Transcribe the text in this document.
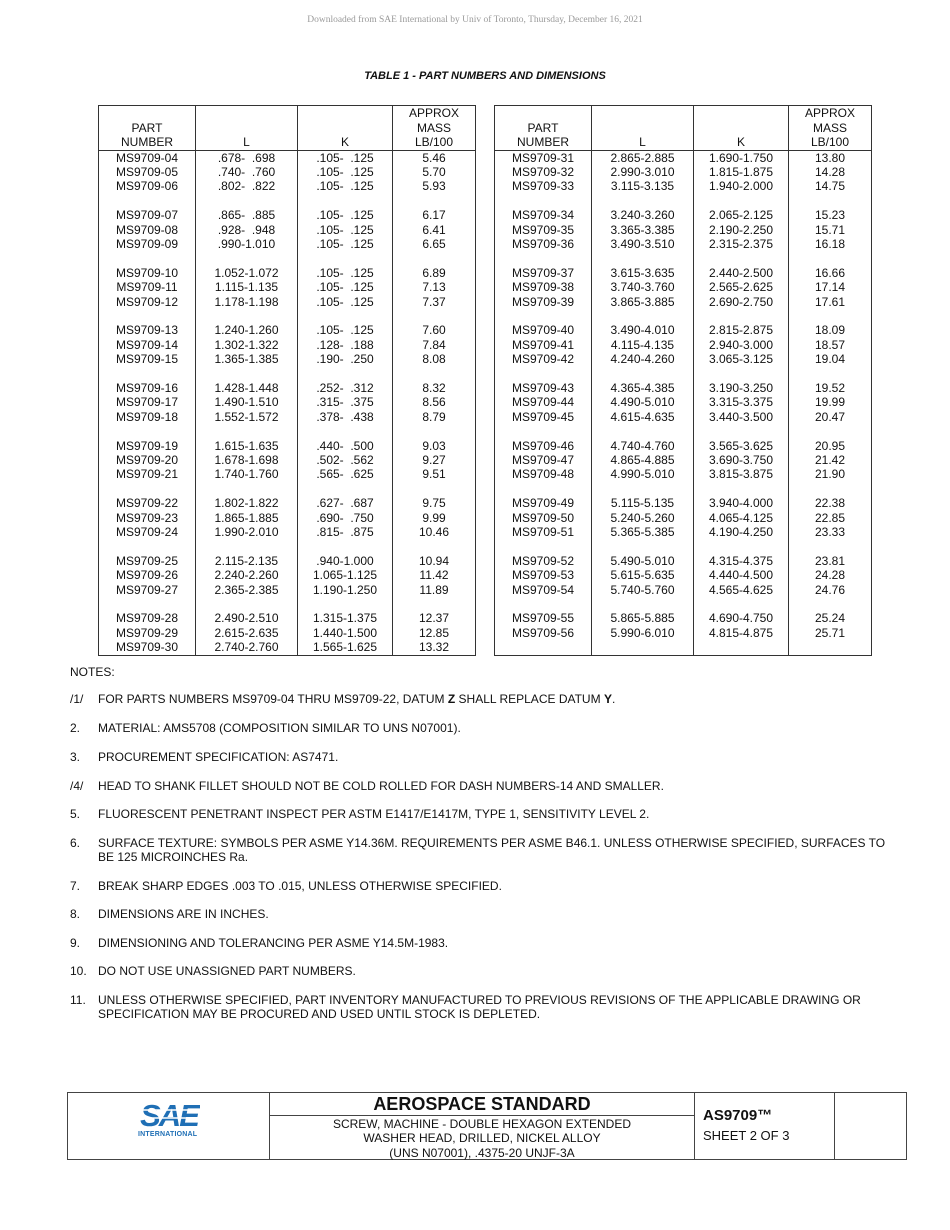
Downloaded from SAE International by Univ of Toronto, Thursday, December 16, 2021
TABLE 1 - PART NUMBERS AND DIMENSIONS
PART
NUMBER	L	K	APPROX
MASS
LB/100
MS9709-04	.678-  .698	.105-  .125	5.46
MS9709-05	.740-  .760	.105-  .125	5.70
MS9709-06	.802-  .822	.105-  .125	5.93

MS9709-07	.865-  .885	.105-  .125	6.17
MS9709-08	.928-  .948	.105-  .125	6.41
MS9709-09	.990-1.010	.105-  .125	6.65

MS9709-10	1.052-1.072	.105-  .125	6.89
MS9709-11	1.115-1.135	.105-  .125	7.13
MS9709-12	1.178-1.198	.105-  .125	7.37

MS9709-13	1.240-1.260	.105-  .125	7.60
MS9709-14	1.302-1.322	.128-  .188	7.84
MS9709-15	1.365-1.385	.190-  .250	8.08

MS9709-16	1.428-1.448	.252-  .312	8.32
MS9709-17	1.490-1.510	.315-  .375	8.56
MS9709-18	1.552-1.572	.378-  .438	8.79

MS9709-19	1.615-1.635	.440-  .500	9.03
MS9709-20	1.678-1.698	.502-  .562	9.27
MS9709-21	1.740-1.760	.565-  .625	9.51

MS9709-22	1.802-1.822	.627-  .687	9.75
MS9709-23	1.865-1.885	.690-  .750	9.99
MS9709-24	1.990-2.010	.815-  .875	10.46

MS9709-25	2.115-2.135	.940-1.000	10.94
MS9709-26	2.240-2.260	1.065-1.125	11.42
MS9709-27	2.365-2.385	1.190-1.250	11.89

MS9709-28	2.490-2.510	1.315-1.375	12.37
MS9709-29	2.615-2.635	1.440-1.500	12.85
MS9709-30	2.740-2.760	1.565-1.625	13.32
PART
NUMBER	L	K	APPROX
MASS
LB/100
MS9709-31	2.865-2.885	1.690-1.750	13.80
MS9709-32	2.990-3.010	1.815-1.875	14.28
MS9709-33	3.115-3.135	1.940-2.000	14.75

MS9709-34	3.240-3.260	2.065-2.125	15.23
MS9709-35	3.365-3.385	2.190-2.250	15.71
MS9709-36	3.490-3.510	2.315-2.375	16.18

MS9709-37	3.615-3.635	2.440-2.500	16.66
MS9709-38	3.740-3.760	2.565-2.625	17.14
MS9709-39	3.865-3.885	2.690-2.750	17.61

MS9709-40	3.490-4.010	2.815-2.875	18.09
MS9709-41	4.115-4.135	2.940-3.000	18.57
MS9709-42	4.240-4.260	3.065-3.125	19.04

MS9709-43	4.365-4.385	3.190-3.250	19.52
MS9709-44	4.490-5.010	3.315-3.375	19.99
MS9709-45	4.615-4.635	3.440-3.500	20.47

MS9709-46	4.740-4.760	3.565-3.625	20.95
MS9709-47	4.865-4.885	3.690-3.750	21.42
MS9709-48	4.990-5.010	3.815-3.875	21.90

MS9709-49	5.115-5.135	3.940-4.000	22.38
MS9709-50	5.240-5.260	4.065-4.125	22.85
MS9709-51	5.365-5.385	4.190-4.250	23.33

MS9709-52	5.490-5.010	4.315-4.375	23.81
MS9709-53	5.615-5.635	4.440-4.500	24.28
MS9709-54	5.740-5.760	4.565-4.625	24.76

MS9709-55	5.865-5.885	4.690-4.750	25.24
MS9709-56	5.990-6.010	4.815-4.875	25.71

NOTES:
/1/ FOR PARTS NUMBERS MS9709-04 THRU MS9709-22, DATUM Z SHALL REPLACE DATUM Y.
2. MATERIAL: AMS5708 (COMPOSITION SIMILAR TO UNS N07001).
3. PROCUREMENT SPECIFICATION: AS7471.
/4/ HEAD TO SHANK FILLET SHOULD NOT BE COLD ROLLED FOR DASH NUMBERS-14 AND SMALLER.
5. FLUORESCENT PENETRANT INSPECT PER ASTM E1417/E1417M, TYPE 1, SENSITIVITY LEVEL 2.
6. SURFACE TEXTURE: SYMBOLS PER ASME Y14.36M. REQUIREMENTS PER ASME B46.1. UNLESS OTHERWISE SPECIFIED, SURFACES TO BE 125 MICROINCHES Ra.
7. BREAK SHARP EDGES .003 TO .015, UNLESS OTHERWISE SPECIFIED.
8. DIMENSIONS ARE IN INCHES.
9. DIMENSIONING AND TOLERANCING PER ASME Y14.5M-1983.
10. DO NOT USE UNASSIGNED PART NUMBERS.
11. UNLESS OTHERWISE SPECIFIED, PART INVENTORY MANUFACTURED TO PREVIOUS REVISIONS OF THE APPLICABLE DRAWING OR SPECIFICATION MAY BE PROCURED AND USED UNTIL STOCK IS DEPLETED.
SAE
INTERNATIONAL
AEROSPACE STANDARD
SCREW, MACHINE - DOUBLE HEXAGON EXTENDED
WASHER HEAD, DRILLED, NICKEL ALLOY
(UNS N07001), .4375-20 UNJF-3A
AS9709™
SHEET 2 OF 3
